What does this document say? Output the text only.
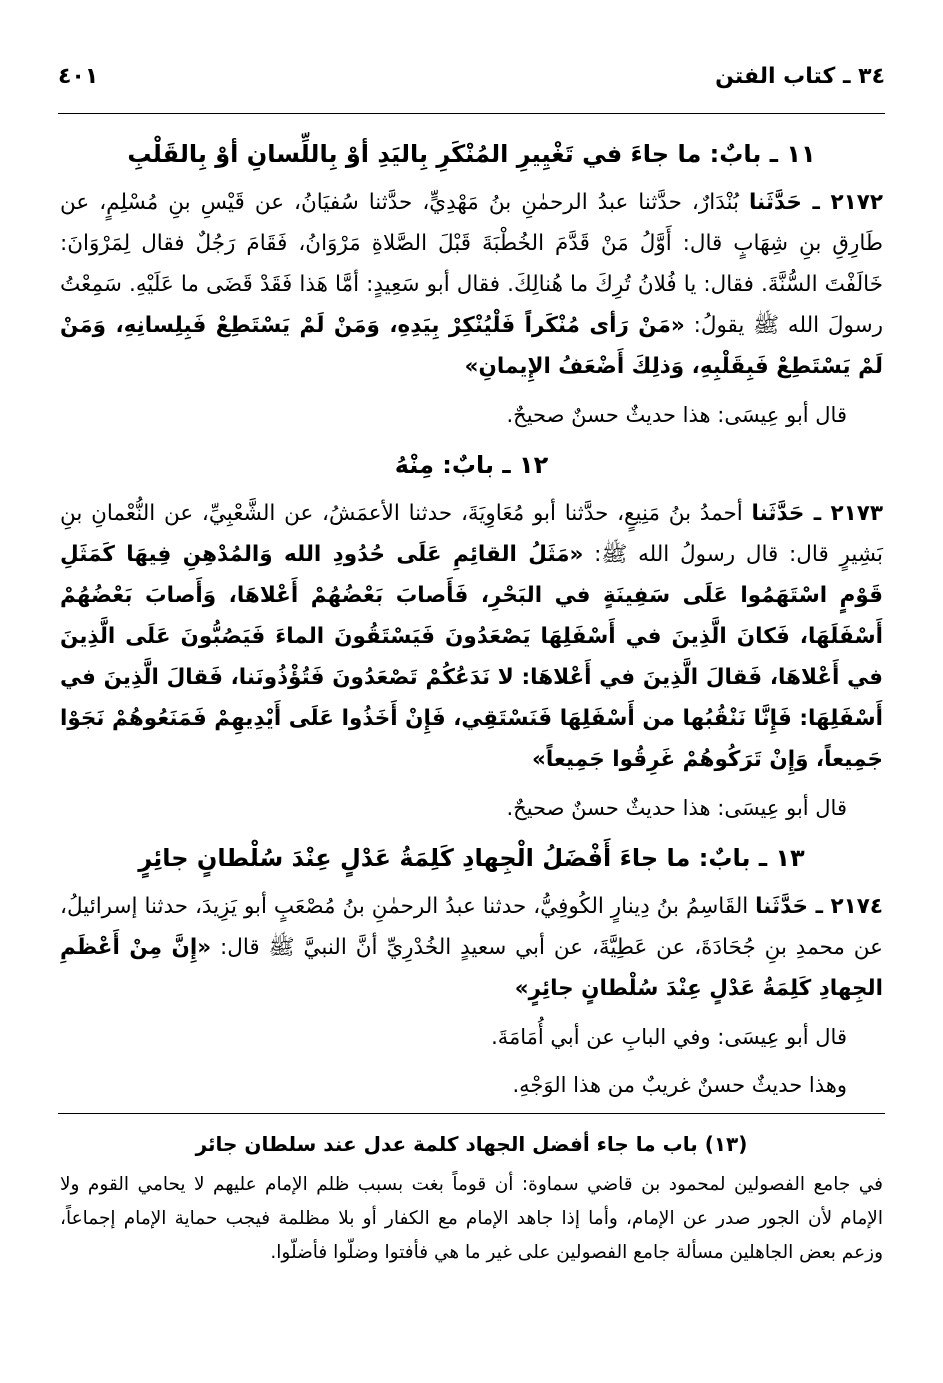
٣٤ ـ كتاب الفتن
٤٠١
١١ ـ بابٌ: ما جاءَ في تَغْيِيرِ المُنْكَرِ بِاليَدِ أوْ بِاللِّسانِ أوْ بِالقَلْبِ

٢١٧٢ ـ حَدَّثَنا بُنْدَارٌ، حدَّثنا عبدُ الرحمٰنِ بنُ مَهْدِيٍّ، حدَّثنا سُفيَانُ، عن قَيْسِ بنِ مُسْلِمٍ، عن طَارِقِ بنِ شِهَابٍ قال: أَوَّلُ مَنْ قَدَّمَ الخُطْبَةَ قَبْلَ الصَّلاةِ مَرْوَانُ، فَقَامَ رَجُلٌ فقال لِمَرْوَانَ: خَالَفْتَ السُّنَّةَ. فقال: يا فُلانُ تُرِكَ ما هُنالِكَ. فقال أبو سَعِيدٍ: أمَّا هَذا فَقَدْ قَضَى ما عَلَيْهِ. سَمِعْتُ رسولَ الله ﷺ يقولُ: «مَنْ رَأى مُنْكَراً فَلْيُنْكِرْ بِيَدِهِ، وَمَنْ لَمْ يَسْتَطِعْ فَبِلِسانِهِ، وَمَنْ لَمْ يَسْتَطِعْ فَبِقَلْبِهِ، وَذلِكَ أَضْعَفُ الإِيمانِ»

قال أبو عِيسَى: هذا حديثٌ حسنٌ صحيحٌ.

١٢ ـ بابٌ: مِنْهُ

٢١٧٣ ـ حَدَّثَنا أحمدُ بنُ مَنِيعٍ، حدَّثنا أبو مُعَاوِيَةَ، حدثنا الأعمَشُ، عن الشَّعْبِيِّ، عن النُّعْمانِ بنِ بَشِيرٍ قال: قال رسولُ الله ﷺ: «مَثَلُ القائِمِ عَلَى حُدُودِ الله وَالمُدْهِنِ فِيهَا كَمَثَلِ قَوْمٍ اسْتَهَمُوا عَلَى سَفِينَةٍ في البَحْرِ، فَأَصابَ بَعْضُهُمْ أَعْلاهَا، وَأَصابَ بَعْضُهُمْ أَسْفَلَهَا، فَكانَ الَّذِينَ في أَسْفَلِهَا يَصْعَدُونَ فَيَسْتَقُونَ الماءَ فَيَصُبُّونَ عَلَى الَّذِينَ في أَعْلاهَا، فَقالَ الَّذِينَ في أَعْلاهَا: لا نَدَعُكُمْ تَصْعَدُونَ فَتُؤْذُونَنا، فَقالَ الَّذِينَ في أَسْفَلِهَا: فَإِنَّا نَنْقُبُها من أَسْفَلِهَا فَنَسْتَقِي، فَإِنْ أَخَذُوا عَلَى أَيْدِيهِمْ فَمَنَعُوهُمْ نَجَوْا جَمِيعاً، وَإِنْ تَرَكُوهُمْ غَرِقُوا جَمِيعاً»

قال أبو عِيسَى: هذا حديثٌ حسنٌ صحيحٌ.

١٣ ـ بابٌ: ما جاءَ أَفْضَلُ الْجِهادِ كَلِمَةُ عَدْلٍ عِنْدَ سُلْطانٍ جائِرٍ

٢١٧٤ ـ حَدَّثَنا القَاسِمُ بنُ دِينارٍ الكُوفِيُّ، حدثنا عبدُ الرحمٰنِ بنُ مُصْعَبٍ أبو يَزِيدَ، حدثنا إسرائيلُ، عن محمدِ بنِ جُحَادَةَ، عن عَطِيَّةَ، عن أبي سعيدٍ الخُدْرِيِّ أنَّ النبيَّ ﷺ قال: «إِنَّ مِنْ أَعْظَمِ الجِهادِ كَلِمَةُ عَدْلٍ عِنْدَ سُلْطانٍ جائِرٍ»

قال أبو عِيسَى: وفي البابِ عن أبي أُمَامَةَ.

وهذا حديثٌ حسنٌ غريبٌ من هذا الوَجْهِ.

(١٣) باب ما جاء أفضل الجهاد كلمة عدل عند سلطان جائر

في جامع الفصولين لمحمود بن قاضي سماوة: أن قوماً بغت بسبب ظلم الإمام عليهم لا يحامي القوم ولا الإمام لأن الجور صدر عن الإمام، وأما إذا جاهد الإمام مع الكفار أو بلا مظلمة فيجب حماية الإمام إجماعاً، وزعم بعض الجاهلين مسألة جامع الفصولين على غير ما هي فأفتوا وضلّوا فأضلّوا.
